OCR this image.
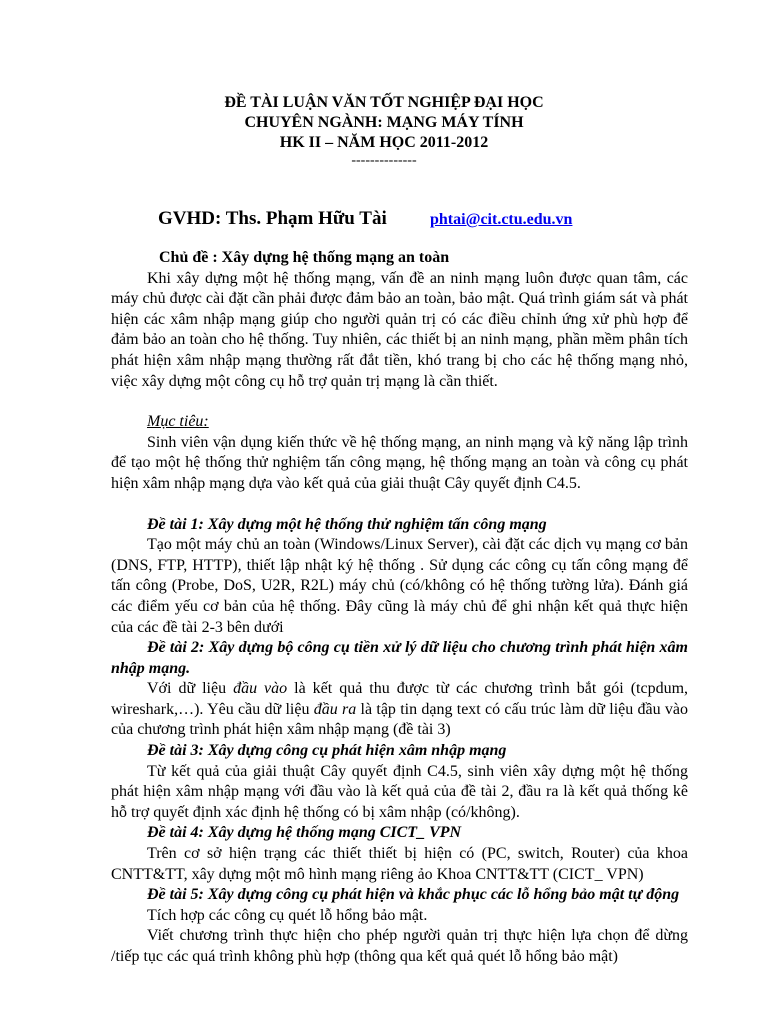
ĐỀ TÀI LUẬN VĂN TỐT NGHIỆP ĐẠI HỌC
CHUYÊN NGÀNH: MẠNG MÁY TÍNH
HK II – NĂM HỌC 2011-2012
--------------
GVHD: Ths. Phạm Hữu Tài	phtai@cit.ctu.edu.vn

Chủ đề : Xây dựng hệ thống mạng an toàn

Khi xây dựng một hệ thống mạng, vấn đề an ninh mạng luôn được quan tâm, các máy chủ được cài đặt cần phải được đảm bảo an toàn, bảo mật. Quá trình giám sát và phát hiện các xâm nhập mạng giúp cho người quản trị có các điều chỉnh ứng xử phù hợp để đảm bảo an toàn cho hệ thống. Tuy nhiên, các thiết bị an ninh mạng, phần mềm phân tích phát hiện xâm nhập mạng thường rất đắt tiền, khó trang bị cho các hệ thống mạng nhỏ, việc xây dựng một công cụ hỗ trợ quản trị mạng là cần thiết.

Mục tiêu:

Sinh viên vận dụng kiến thức về hệ thống mạng, an ninh mạng và kỹ năng lập trình để tạo một hệ thống thử nghiệm tấn công mạng, hệ thống mạng an toàn và công cụ phát hiện xâm nhập mạng dựa vào kết quả của giải thuật Cây quyết định C4.5.

Đề tài 1: Xây dựng một hệ thống thử nghiệm tấn công mạng

Tạo một máy chủ an toàn (Windows/Linux Server), cài đặt các dịch vụ mạng cơ bản (DNS, FTP, HTTP), thiết lập nhật ký hệ thống . Sử dụng các công cụ tấn công mạng để tấn công (Probe, DoS, U2R, R2L) máy chủ (có/không có hệ thống tường lửa). Đánh giá các điểm yếu cơ bản của hệ thống. Đây cũng là máy chủ để ghi nhận kết quả thực hiện của các đề tài 2-3 bên dưới

Đề tài 2: Xây dựng bộ công cụ tiền xử lý dữ liệu cho chương trình phát hiện xâm nhập mạng.

Với dữ liệu đầu vào là kết quả thu được từ các chương trình bắt gói (tcpdum, wireshark,…). Yêu cầu dữ liệu đầu ra là tập tin dạng text có cấu trúc làm dữ liệu đầu vào của chương trình phát hiện xâm nhập mạng (đề tài 3)

Đề tài 3: Xây dựng công cụ phát hiện xâm nhập mạng

Từ kết quả của giải thuật Cây quyết định C4.5, sinh viên xây dựng một hệ thống phát hiện xâm nhập mạng với đầu vào là kết quả của đề tài 2, đầu ra là kết quả thống kê hỗ trợ quyết định xác định hệ thống có bị xâm nhập (có/không).

Đề tài 4: Xây dựng hệ thống mạng CICT_ VPN

Trên cơ sở hiện trạng các thiết thiết bị hiện có (PC, switch, Router) của khoa CNTT&TT, xây dựng một mô hình mạng riêng ảo Khoa CNTT&TT (CICT_ VPN)

Đề tài 5: Xây dựng công cụ phát hiện và khắc phục các lỗ hổng bảo mật tự động

Tích hợp các công cụ quét lỗ hổng bảo mật.

Viết chương trình thực hiện cho phép người quản trị thực hiện lựa chọn để dừng /tiếp tục các quá trình không phù hợp (thông qua kết quả quét lỗ hổng bảo mật)
